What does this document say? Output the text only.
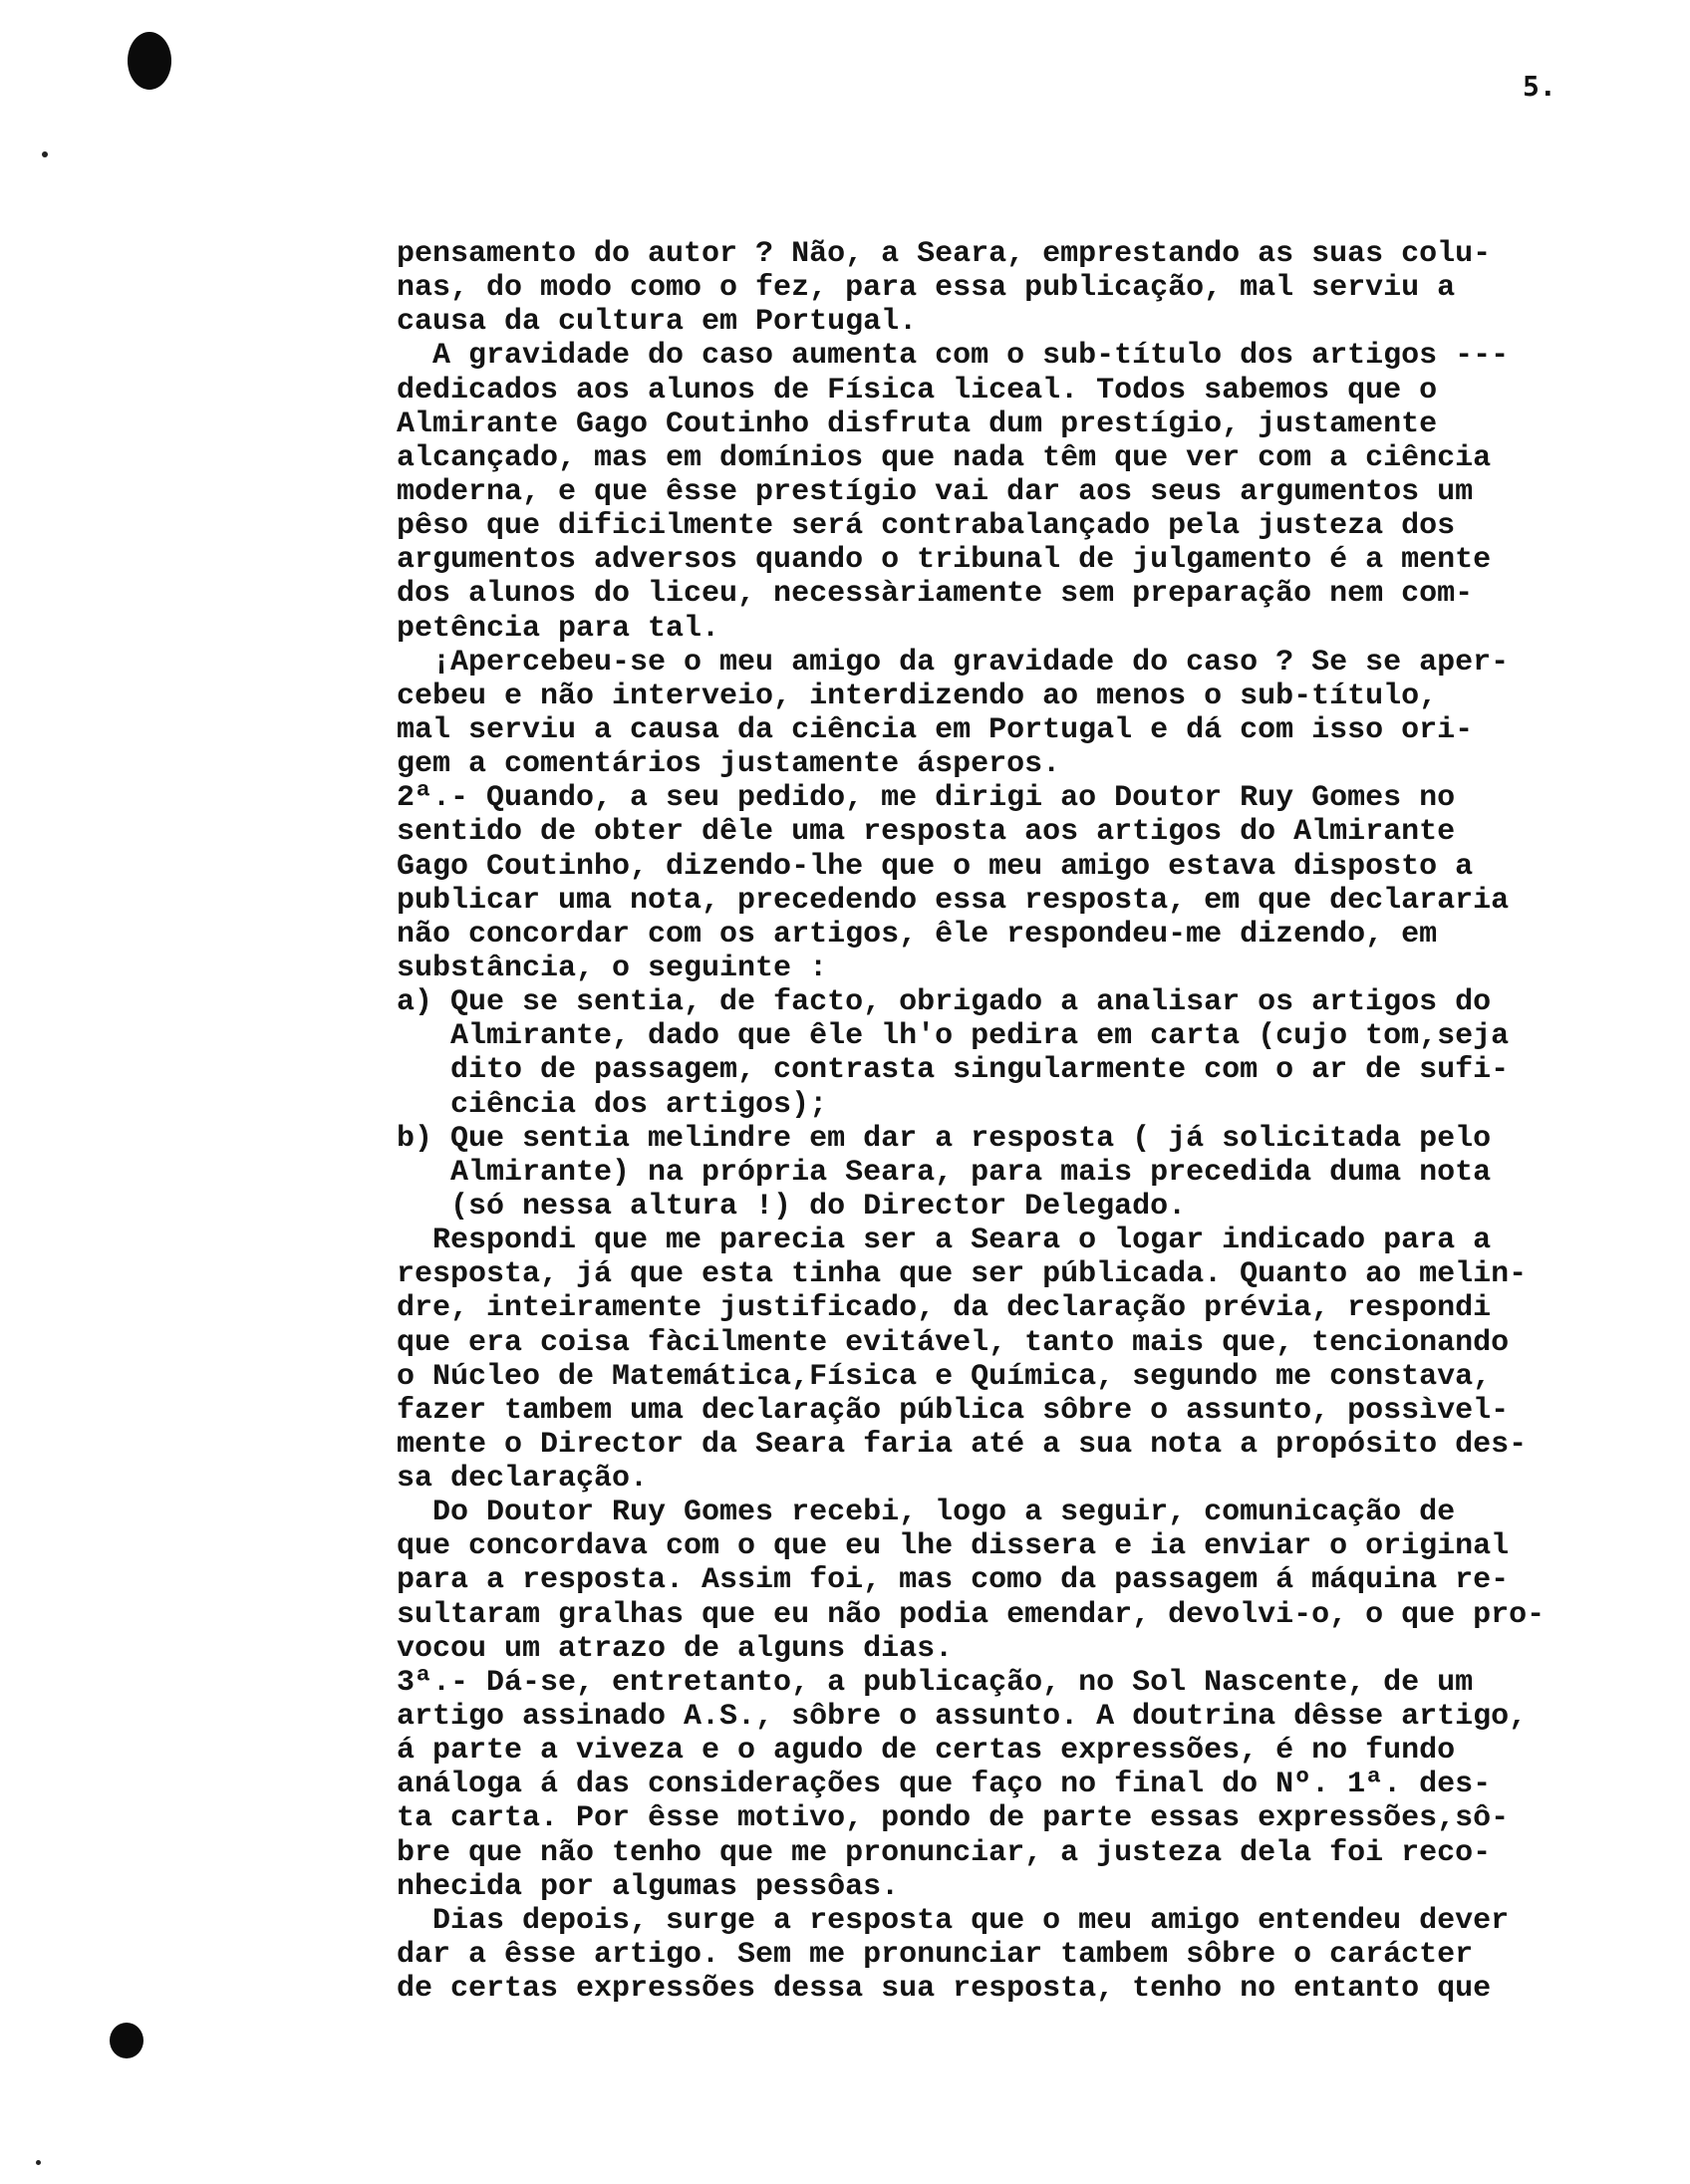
5.
pensamento do autor ? Não, a Seara, emprestando as suas colu-
nas, do modo como o fez, para essa publicação, mal serviu a
causa da cultura em Portugal.
A gravidade do caso aumenta com o sub-título dos artigos ---
dedicados aos alunos de Física liceal. Todos sabemos que o
Almirante Gago Coutinho disfruta dum prestígio, justamente
alcançado, mas em domínios que nada têm que ver com a ciência
moderna, e que êsse prestígio vai dar aos seus argumentos um
pêso que dificilmente será contrabalançado pela justeza dos
argumentos adversos quando o tribunal de julgamento é a mente
dos alunos do liceu, necessàriamente sem preparação nem com-
petência para tal.
¡Apercebeu-se o meu amigo da gravidade do caso ? Se se aper-
cebeu e não interveio, interdizendo ao menos o sub-título,
mal serviu a causa da ciência em Portugal e dá com isso ori-
gem a comentários justamente ásperos.
2ª.- Quando, a seu pedido, me dirigi ao Doutor Ruy Gomes no
sentido de obter dêle uma resposta aos artigos do Almirante
Gago Coutinho, dizendo-lhe que o meu amigo estava disposto a
publicar uma nota, precedendo essa resposta, em que declararia
não concordar com os artigos, êle respondeu-me dizendo, em
substância, o seguinte :
a) Que se sentia, de facto, obrigado a analisar os artigos do
Almirante, dado que êle lh'o pedira em carta (cujo tom,seja
dito de passagem, contrasta singularmente com o ar de sufi-
ciência dos artigos);
b) Que sentia melindre em dar a resposta ( já solicitada pelo
Almirante) na própria Seara, para mais precedida duma nota
(só nessa altura !) do Director Delegado.
Respondi que me parecia ser a Seara o logar indicado para a
resposta, já que esta tinha que ser públicada. Quanto ao melin-
dre, inteiramente justificado, da declaração prévia, respondi
que era coisa fàcilmente evitável, tanto mais que, tencionando
o Núcleo de Matemática,Física e Química, segundo me constava,
fazer tambem uma declaração pública sôbre o assunto, possìvel-
mente o Director da Seara faria até a sua nota a propósito des-
sa declaração.
Do Doutor Ruy Gomes recebi, logo a seguir, comunicação de
que concordava com o que eu lhe dissera e ia enviar o original
para a resposta. Assim foi, mas como da passagem á máquina re-
sultaram gralhas que eu não podia emendar, devolvi-o, o que pro-
vocou um atrazo de alguns dias.
3ª.- Dá-se, entretanto, a publicação, no Sol Nascente, de um
artigo assinado A.S., sôbre o assunto. A doutrina dêsse artigo,
á parte a viveza e o agudo de certas expressões, é no fundo
análoga á das considerações que faço no final do Nº. 1ª. des-
ta carta. Por êsse motivo, pondo de parte essas expressões,sô-
bre que não tenho que me pronunciar, a justeza dela foi reco-
nhecida por algumas pessôas.
Dias depois, surge a resposta que o meu amigo entendeu dever
dar a êsse artigo. Sem me pronunciar tambem sôbre o carácter
de certas expressões dessa sua resposta, tenho no entanto que
